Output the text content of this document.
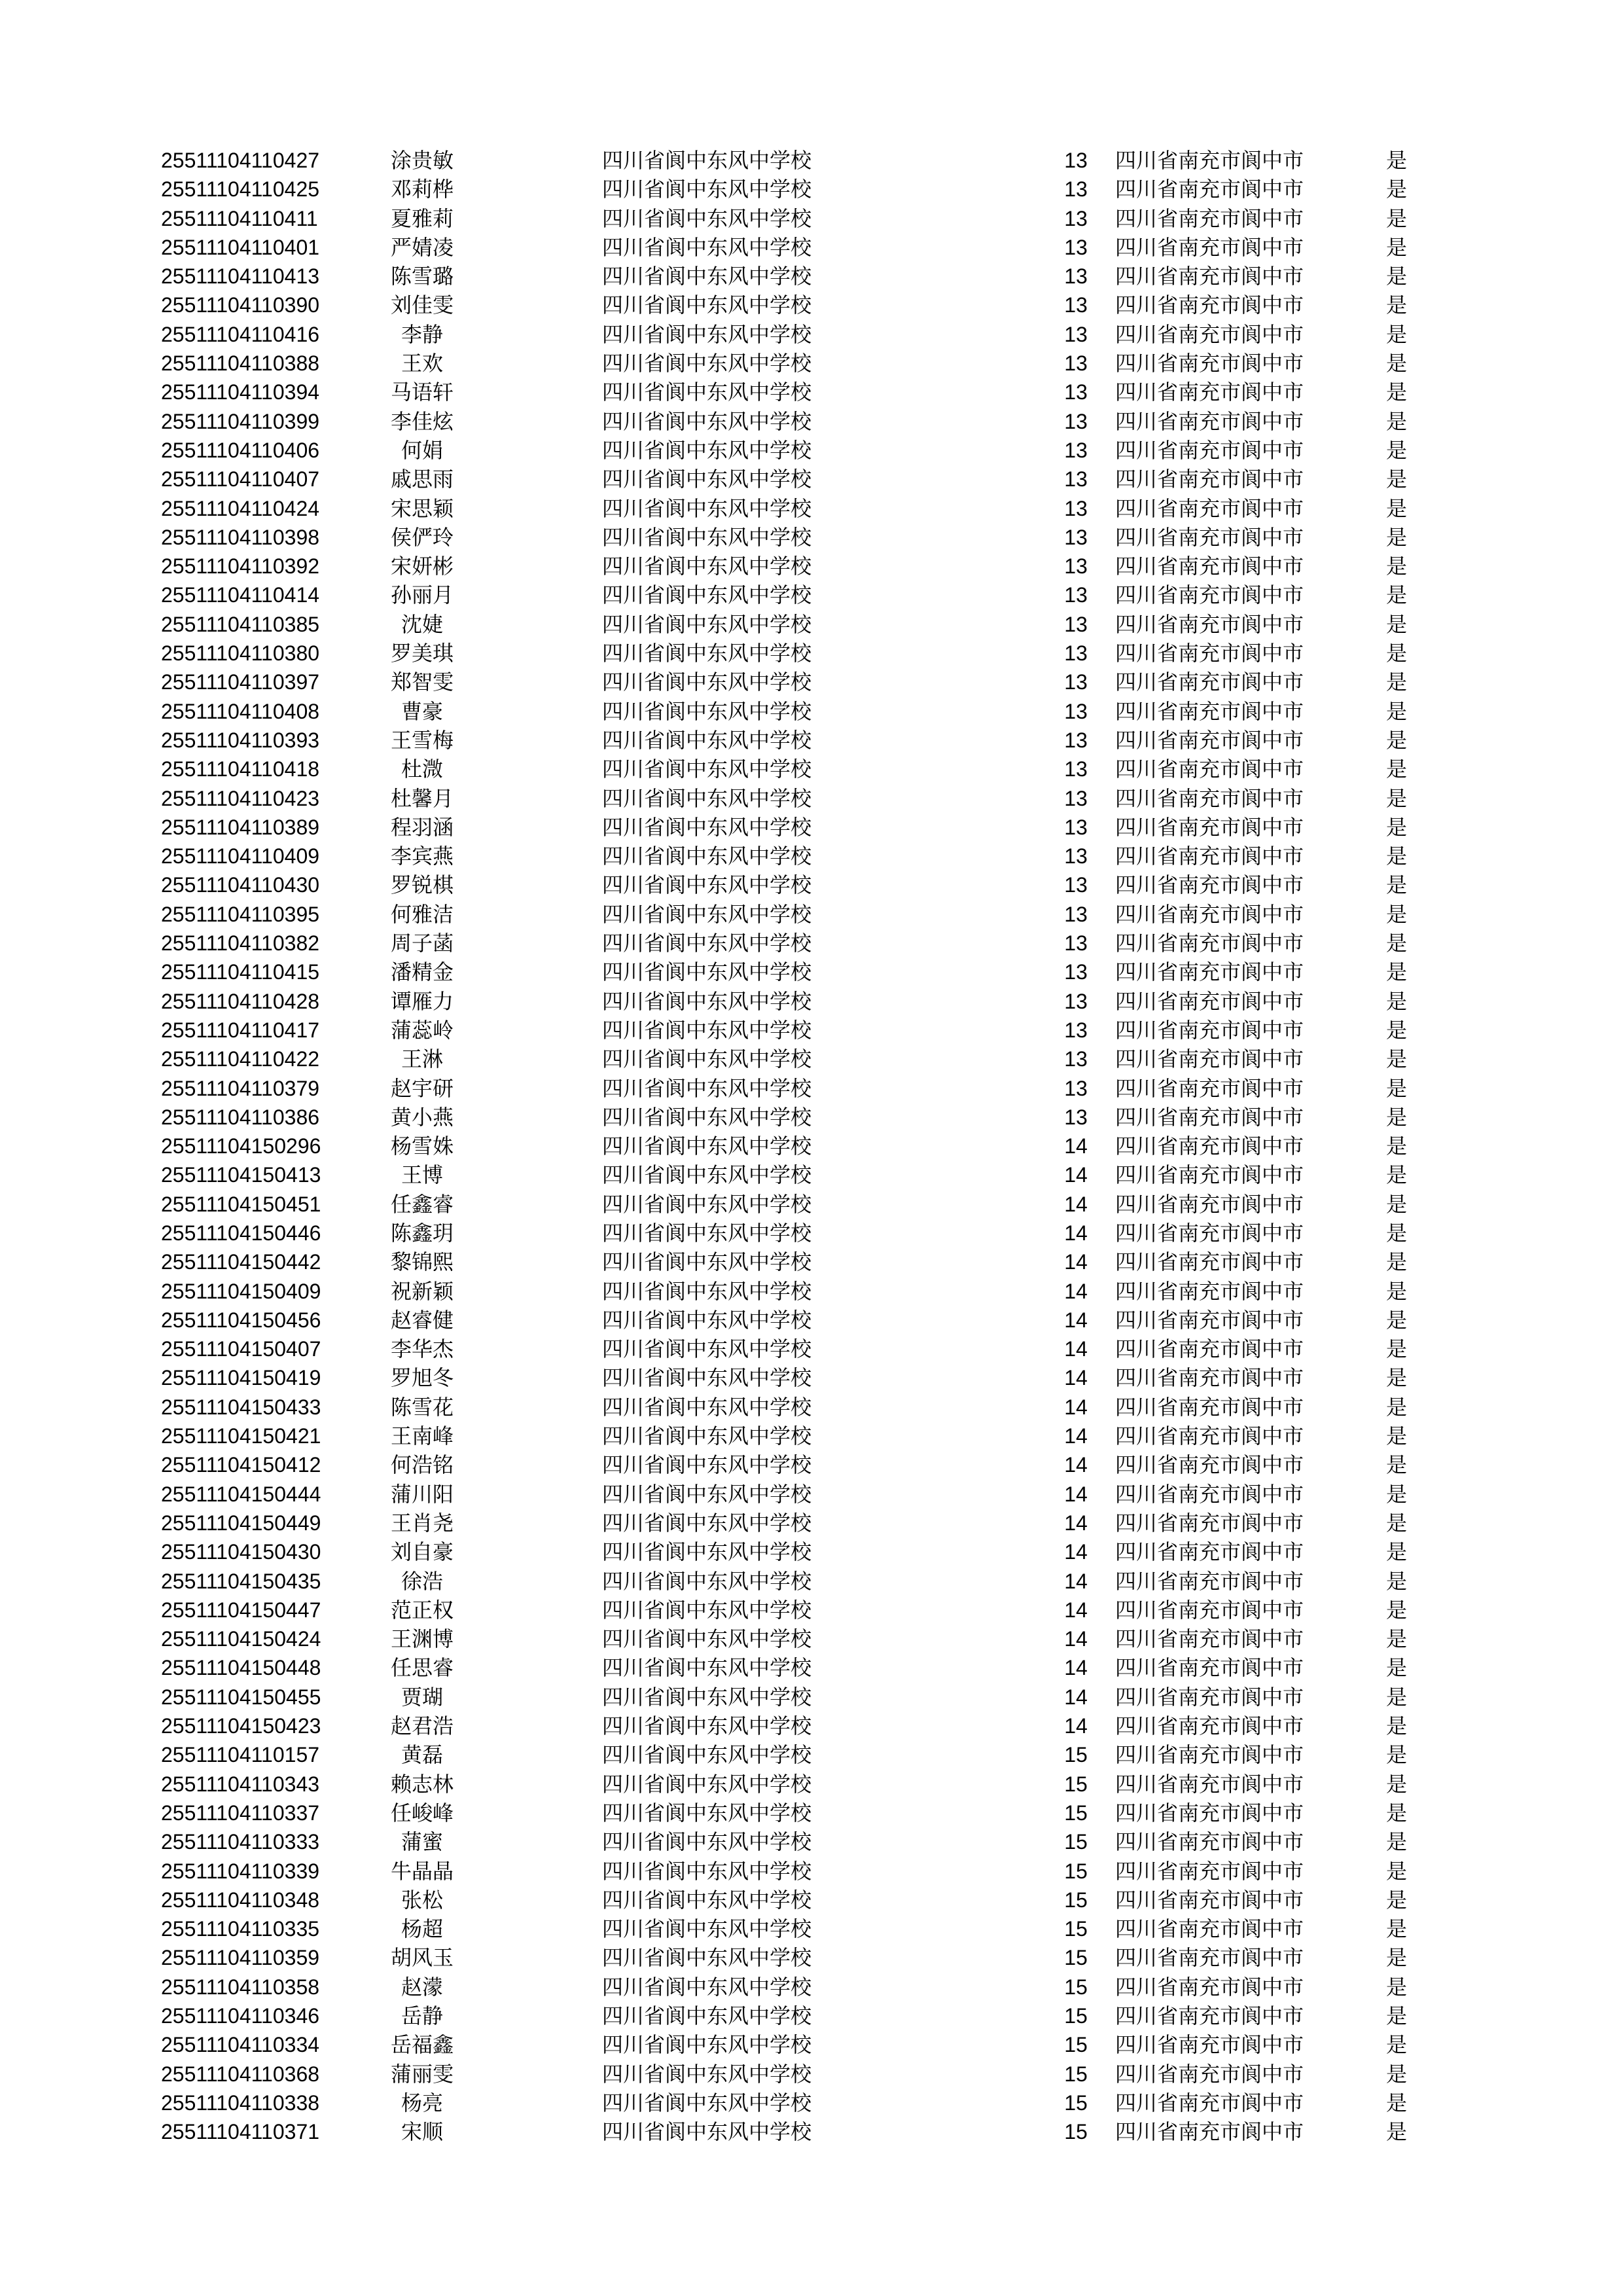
25511104110427	涂贵敏		四川省阆中东风中学校	13	四川省南充市阆中市	是
25511104110425	邓莉桦		四川省阆中东风中学校	13	四川省南充市阆中市	是
25511104110411	夏雅莉		四川省阆中东风中学校	13	四川省南充市阆中市	是
25511104110401	严婧凌		四川省阆中东风中学校	13	四川省南充市阆中市	是
25511104110413	陈雪璐		四川省阆中东风中学校	13	四川省南充市阆中市	是
25511104110390	刘佳雯		四川省阆中东风中学校	13	四川省南充市阆中市	是
25511104110416	李静		四川省阆中东风中学校	13	四川省南充市阆中市	是
25511104110388	王欢		四川省阆中东风中学校	13	四川省南充市阆中市	是
25511104110394	马语轩		四川省阆中东风中学校	13	四川省南充市阆中市	是
25511104110399	李佳炫		四川省阆中东风中学校	13	四川省南充市阆中市	是
25511104110406	何娟		四川省阆中东风中学校	13	四川省南充市阆中市	是
25511104110407	戚思雨		四川省阆中东风中学校	13	四川省南充市阆中市	是
25511104110424	宋思颖		四川省阆中东风中学校	13	四川省南充市阆中市	是
25511104110398	侯俨玲		四川省阆中东风中学校	13	四川省南充市阆中市	是
25511104110392	宋妍彬		四川省阆中东风中学校	13	四川省南充市阆中市	是
25511104110414	孙丽月		四川省阆中东风中学校	13	四川省南充市阆中市	是
25511104110385	沈婕		四川省阆中东风中学校	13	四川省南充市阆中市	是
25511104110380	罗美琪		四川省阆中东风中学校	13	四川省南充市阆中市	是
25511104110397	郑智雯		四川省阆中东风中学校	13	四川省南充市阆中市	是
25511104110408	曹豪		四川省阆中东风中学校	13	四川省南充市阆中市	是
25511104110393	王雪梅		四川省阆中东风中学校	13	四川省南充市阆中市	是
25511104110418	杜溦		四川省阆中东风中学校	13	四川省南充市阆中市	是
25511104110423	杜馨月		四川省阆中东风中学校	13	四川省南充市阆中市	是
25511104110389	程羽涵		四川省阆中东风中学校	13	四川省南充市阆中市	是
25511104110409	李宾燕		四川省阆中东风中学校	13	四川省南充市阆中市	是
25511104110430	罗锐棋		四川省阆中东风中学校	13	四川省南充市阆中市	是
25511104110395	何雅洁		四川省阆中东风中学校	13	四川省南充市阆中市	是
25511104110382	周子菡		四川省阆中东风中学校	13	四川省南充市阆中市	是
25511104110415	潘精金		四川省阆中东风中学校	13	四川省南充市阆中市	是
25511104110428	谭雁力		四川省阆中东风中学校	13	四川省南充市阆中市	是
25511104110417	蒲蕊岭		四川省阆中东风中学校	13	四川省南充市阆中市	是
25511104110422	王淋		四川省阆中东风中学校	13	四川省南充市阆中市	是
25511104110379	赵宇研		四川省阆中东风中学校	13	四川省南充市阆中市	是
25511104110386	黄小燕		四川省阆中东风中学校	13	四川省南充市阆中市	是
25511104150296	杨雪姝		四川省阆中东风中学校	14	四川省南充市阆中市	是
25511104150413	王博		四川省阆中东风中学校	14	四川省南充市阆中市	是
25511104150451	任鑫睿		四川省阆中东风中学校	14	四川省南充市阆中市	是
25511104150446	陈鑫玥		四川省阆中东风中学校	14	四川省南充市阆中市	是
25511104150442	黎锦熙		四川省阆中东风中学校	14	四川省南充市阆中市	是
25511104150409	祝新颖		四川省阆中东风中学校	14	四川省南充市阆中市	是
25511104150456	赵睿健		四川省阆中东风中学校	14	四川省南充市阆中市	是
25511104150407	李华杰		四川省阆中东风中学校	14	四川省南充市阆中市	是
25511104150419	罗旭冬		四川省阆中东风中学校	14	四川省南充市阆中市	是
25511104150433	陈雪花		四川省阆中东风中学校	14	四川省南充市阆中市	是
25511104150421	王南峰		四川省阆中东风中学校	14	四川省南充市阆中市	是
25511104150412	何浩铭		四川省阆中东风中学校	14	四川省南充市阆中市	是
25511104150444	蒲川阳		四川省阆中东风中学校	14	四川省南充市阆中市	是
25511104150449	王肖尧		四川省阆中东风中学校	14	四川省南充市阆中市	是
25511104150430	刘自豪		四川省阆中东风中学校	14	四川省南充市阆中市	是
25511104150435	徐浩		四川省阆中东风中学校	14	四川省南充市阆中市	是
25511104150447	范正权		四川省阆中东风中学校	14	四川省南充市阆中市	是
25511104150424	王渊博		四川省阆中东风中学校	14	四川省南充市阆中市	是
25511104150448	任思睿		四川省阆中东风中学校	14	四川省南充市阆中市	是
25511104150455	贾瑚		四川省阆中东风中学校	14	四川省南充市阆中市	是
25511104150423	赵君浩		四川省阆中东风中学校	14	四川省南充市阆中市	是
25511104110157	黄磊		四川省阆中东风中学校	15	四川省南充市阆中市	是
25511104110343	赖志林		四川省阆中东风中学校	15	四川省南充市阆中市	是
25511104110337	任峻峰		四川省阆中东风中学校	15	四川省南充市阆中市	是
25511104110333	蒲蜜		四川省阆中东风中学校	15	四川省南充市阆中市	是
25511104110339	牛晶晶		四川省阆中东风中学校	15	四川省南充市阆中市	是
25511104110348	张松		四川省阆中东风中学校	15	四川省南充市阆中市	是
25511104110335	杨超		四川省阆中东风中学校	15	四川省南充市阆中市	是
25511104110359	胡风玉		四川省阆中东风中学校	15	四川省南充市阆中市	是
25511104110358	赵濛		四川省阆中东风中学校	15	四川省南充市阆中市	是
25511104110346	岳静		四川省阆中东风中学校	15	四川省南充市阆中市	是
25511104110334	岳福鑫		四川省阆中东风中学校	15	四川省南充市阆中市	是
25511104110368	蒲丽雯		四川省阆中东风中学校	15	四川省南充市阆中市	是
25511104110338	杨亮		四川省阆中东风中学校	15	四川省南充市阆中市	是
25511104110371	宋顺		四川省阆中东风中学校	15	四川省南充市阆中市	是
